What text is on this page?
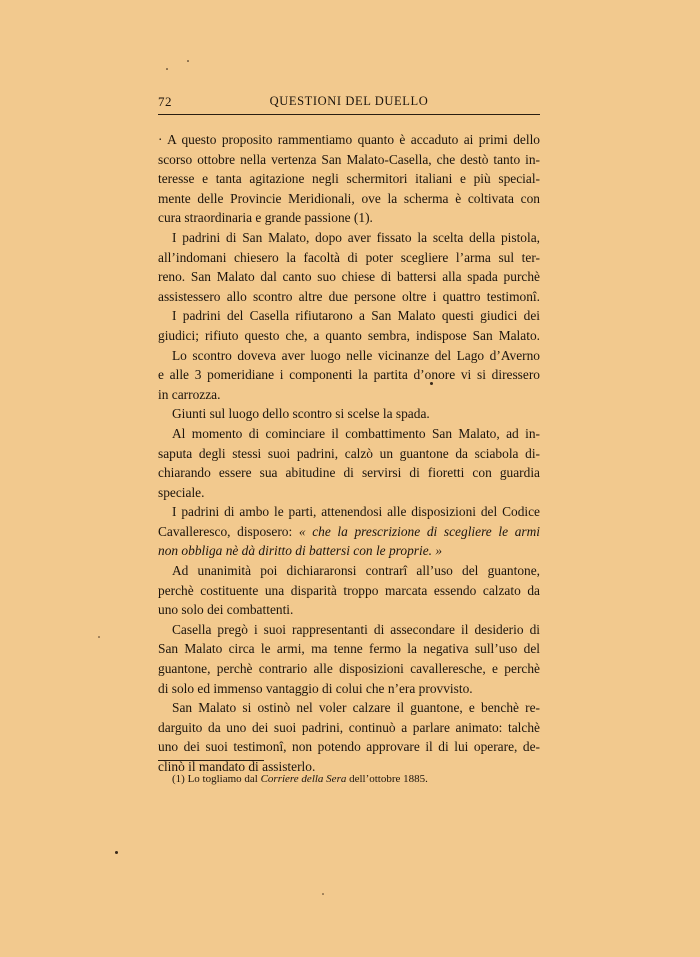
72	QUESTIONI DEL DUELLO
· A questo proposito rammentiamo quanto è accaduto ai primi dello
scorso ottobre nella vertenza San Malato-Casella, che destò tanto in-
teresse e tanta agitazione negli schermitori italiani e più special-
mente delle Provincie Meridionali, ove la scherma è coltivata con
cura straordinaria e grande passione (1).
I padrini di San Malato, dopo aver fissato la scelta della pistola,
all’indomani chiesero la facoltà di poter scegliere l’arma sul ter-
reno. San Malato dal canto suo chiese di battersi alla spada purchè
assistessero allo scontro altre due persone oltre i quattro testimonî.
I padrini del Casella rifiutarono a San Malato questi giudici dei
giudici; rifiuto questo che, a quanto sembra, indispose San Malato.
Lo scontro doveva aver luogo nelle vicinanze del Lago d’Averno
e alle 3 pomeridiane i componenti la partita d’onore vi si diressero
in carrozza.
Giunti sul luogo dello scontro si scelse la spada.
Al momento di cominciare il combattimento San Malato, ad in-
saputa degli stessi suoi padrini, calzò un guantone da sciabola di-
chiarando essere sua abitudine di servirsi di fioretti con guardia
speciale.
I padrini di ambo le parti, attenendosi alle disposizioni del Codice
Cavalleresco, disposero: « che la prescrizione di scegliere le armi
non obbliga nè dà diritto di battersi con le proprie. »
Ad unanimità poi dichiararonsi contrarî all’uso del guantone,
perchè costituente una disparità troppo marcata essendo calzato da
uno solo dei combattenti.
Casella pregò i suoi rappresentanti di assecondare il desiderio di
San Malato circa le armi, ma tenne fermo la negativa sull’uso del
guantone, perchè contrario alle disposizioni cavalleresche, e perchè
di solo ed immenso vantaggio di colui che n’era provvisto.
San Malato si ostinò nel voler calzare il guantone, e benchè re-
darguito da uno dei suoi padrini, continuò a parlare animato: talchè
uno dei suoi testimonî, non potendo approvare il di lui operare, de-
clinò il mandato di assisterlo.
(1) Lo togliamo dal Corriere della Sera dell’ottobre 1885.
